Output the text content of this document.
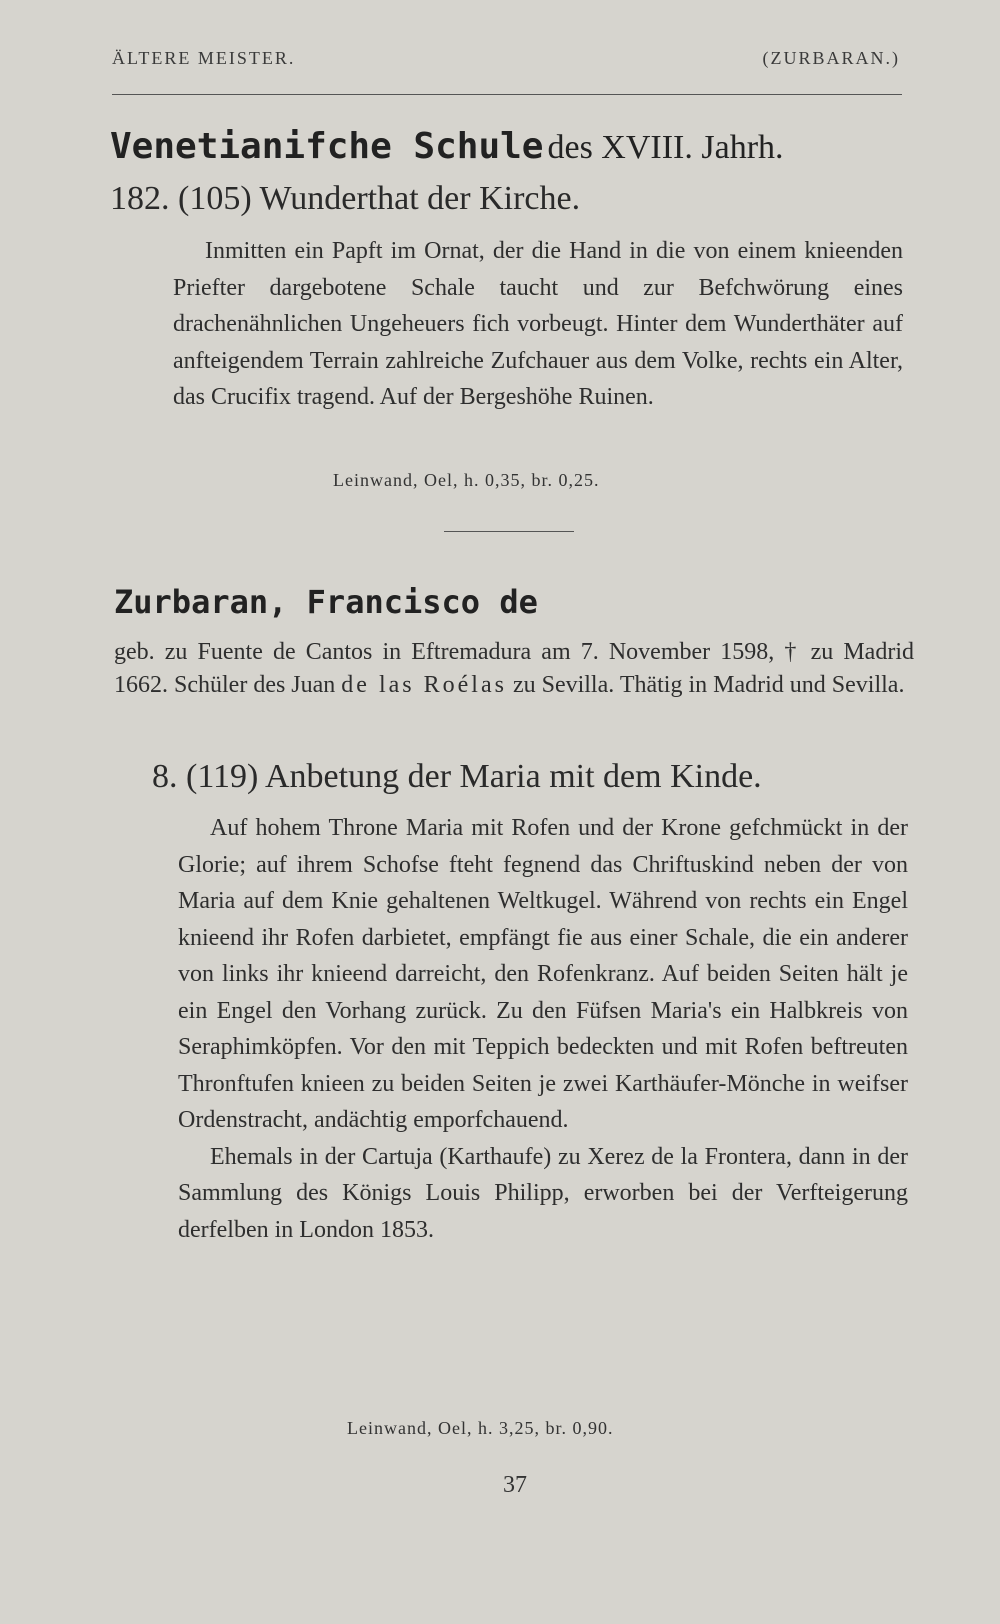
ÄLTERE MEISTER.	(ZURBARAN.)
Venetianifche Schule des XVIII. Jahrh.
182. (105) Wunderthat der Kirche.

Inmitten ein Papft im Ornat, der die Hand in die von einem knieenden Priefter dargebotene Schale taucht und zur Befchwörung eines drachenähnlichen Ungeheuers fich vorbeugt. Hinter dem Wunderthäter auf anfteigendem Terrain zahlreiche Zufchauer aus dem Volke, rechts ein Alter, das Crucifix tragend. Auf der Bergeshöhe Ruinen.

Leinwand, Oel, h. 0,35, br. 0,25.
Zurbaran, Francisco de
geb. zu Fuente de Cantos in Eftremadura am 7. November 1598, † zu Madrid 1662. Schüler des Juan de las Roélas zu Sevilla. Thätig in Madrid und Sevilla.
8. (119) Anbetung der Maria mit dem Kinde.

Auf hohem Throne Maria mit Rofen und der Krone gefchmückt in der Glorie; auf ihrem Schofse fteht fegnend das Chriftuskind neben der von Maria auf dem Knie gehaltenen Weltkugel. Während von rechts ein Engel knieend ihr Rofen darbietet, empfängt fie aus einer Schale, die ein anderer von links ihr knieend darreicht, den Rofenkranz. Auf beiden Seiten hält je ein Engel den Vorhang zurück. Zu den Füfsen Maria's ein Halbkreis von Seraphimköpfen. Vor den mit Teppich bedeckten und mit Rofen beftreuten Thronftufen knieen zu beiden Seiten je zwei Karthäufer-Mönche in weifser Ordenstracht, andächtig emporfchauend.

Ehemals in der Cartuja (Karthaufe) zu Xerez de la Frontera, dann in der Sammlung des Königs Louis Philipp, erworben bei der Verfteigerung derfelben in London 1853.

Leinwand, Oel, h. 3,25, br. 0,90.
37
